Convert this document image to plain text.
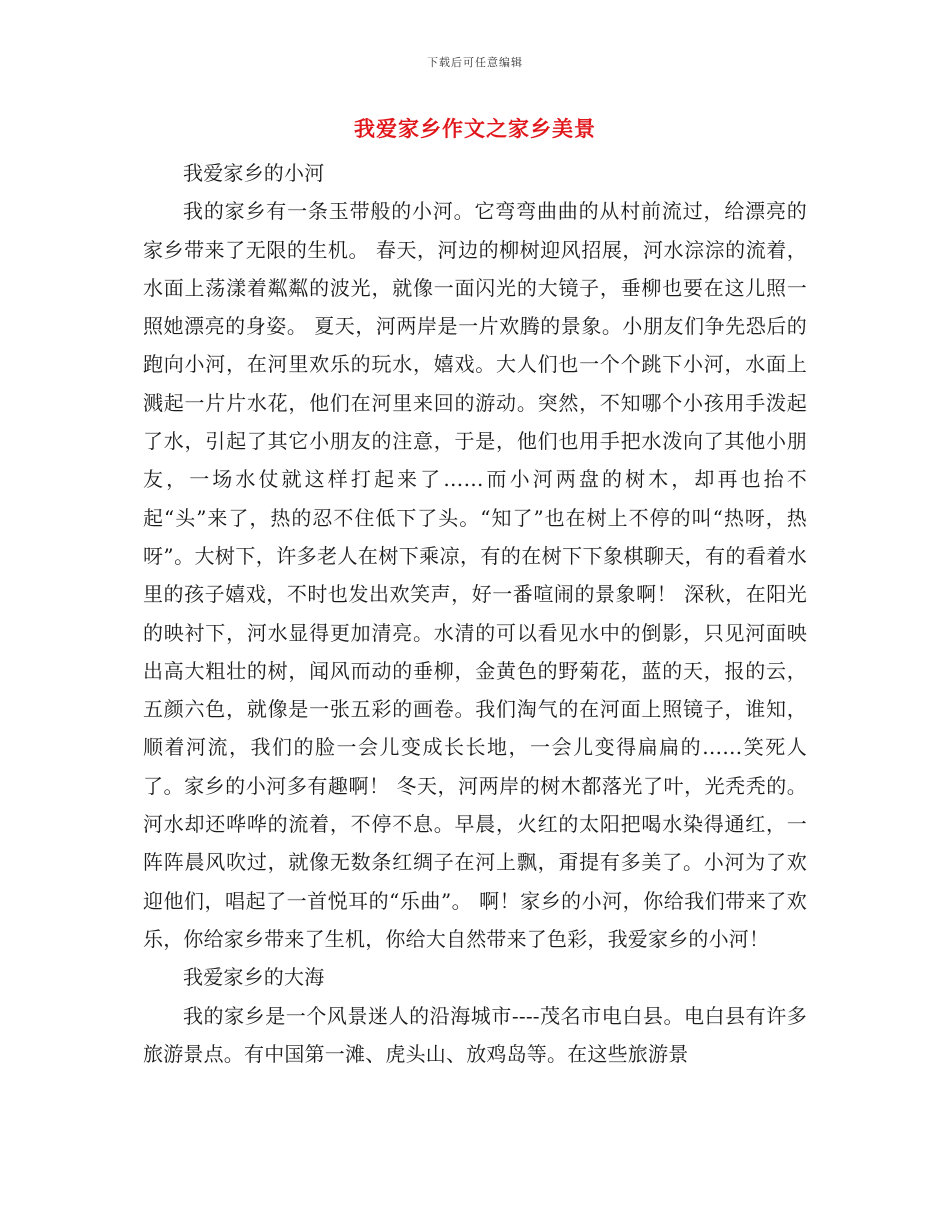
下载后可任意编辑
我爱家乡作文之家乡美景
我爱家乡的小河

我的家乡有一条玉带般的小河。它弯弯曲曲的从村前流过，给漂亮的家乡带来了无限的生机。 春天，河边的柳树迎风招展，河水淙淙的流着，水面上荡漾着粼粼的波光，就像一面闪光的大镜子，垂柳也要在这儿照一照她漂亮的身姿。 夏天，河两岸是一片欢腾的景象。小朋友们争先恐后的跑向小河，在河里欢乐的玩水，嬉戏。大人们也一个个跳下小河，水面上溅起一片片水花，他们在河里来回的游动。突然，不知哪个小孩用手泼起了水，引起了其它小朋友的注意，于是，他们也用手把水泼向了其他小朋友，一场水仗就这样打起来了……而小河两盘的树木，却再也抬不起“头”来了，热的忍不住低下了头。“知了”也在树上不停的叫“热呀，热呀”。大树下，许多老人在树下乘凉，有的在树下下象棋聊天，有的看着水里的孩子嬉戏，不时也发出欢笑声，好一番喧闹的景象啊！ 深秋，在阳光的映衬下，河水显得更加清亮。水清的可以看见水中的倒影，只见河面映出高大粗壮的树，闻风而动的垂柳，金黄色的野菊花，蓝的天，报的云，五颜六色，就像是一张五彩的画卷。我们淘气的在河面上照镜子，谁知，顺着河流，我们的脸一会儿变成长长地，一会儿变得扁扁的……笑死人了。家乡的小河多有趣啊！ 冬天，河两岸的树木都落光了叶，光秃秃的。河水却还哗哗的流着，不停不息。早晨，火红的太阳把喝水染得通红，一阵阵晨风吹过，就像无数条红绸子在河上飘，甭提有多美了。小河为了欢迎他们，唱起了一首悦耳的“乐曲”。 啊！家乡的小河，你给我们带来了欢乐，你给家乡带来了生机，你给大自然带来了色彩，我爱家乡的小河！

我爱家乡的大海

我的家乡是一个风景迷人的沿海城市----茂名市电白县。电白县有许多旅游景点。有中国第一滩、虎头山、放鸡岛等。在这些旅游景
